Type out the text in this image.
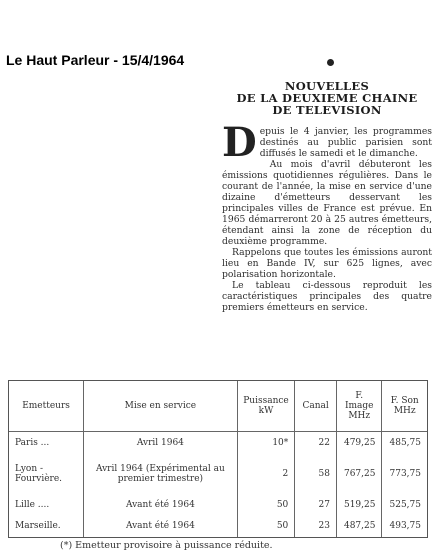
Le Haut Parleur - 15/4/1964
NOUVELLES
DE LA DEUXIEME CHAINE
DE TELEVISION

Depuis le 4 janvier, les programmes destinés au public parisien sont diffusés le samedi et le dimanche.

Au mois d'avril débuteront les émissions quotidiennes régulières. Dans le courant de l'année, la mise en service d'une dizaine d'émetteurs desservant les principales villes de France est prévue. En 1965 démarreront 20 à 25 autres émetteurs, étendant ainsi la zone de réception du deuxième programme.

Rappelons que toutes les émissions auront lieu en Bande IV, sur 625 lignes, avec polarisation horizontale.

Le tableau ci-dessous reproduit les caractéristiques principales des quatre premiers émetteurs en service.

Emetteurs	Mise en service	Puissance kW	Canal	F. Image MHz	F. Son MHz
Paris ...	Avril 1964	10*	22	479,25	485,75
Lyon - Fourvière.	Avril 1964 (Expérimental au premier trimestre)	2	58	767,25	773,75
Lille ....	Avant été 1964	50	27	519,25	525,75
Marseille.	Avant été 1964	50	23	487,25	493,75
(*) Emetteur provisoire à puissance réduite.
